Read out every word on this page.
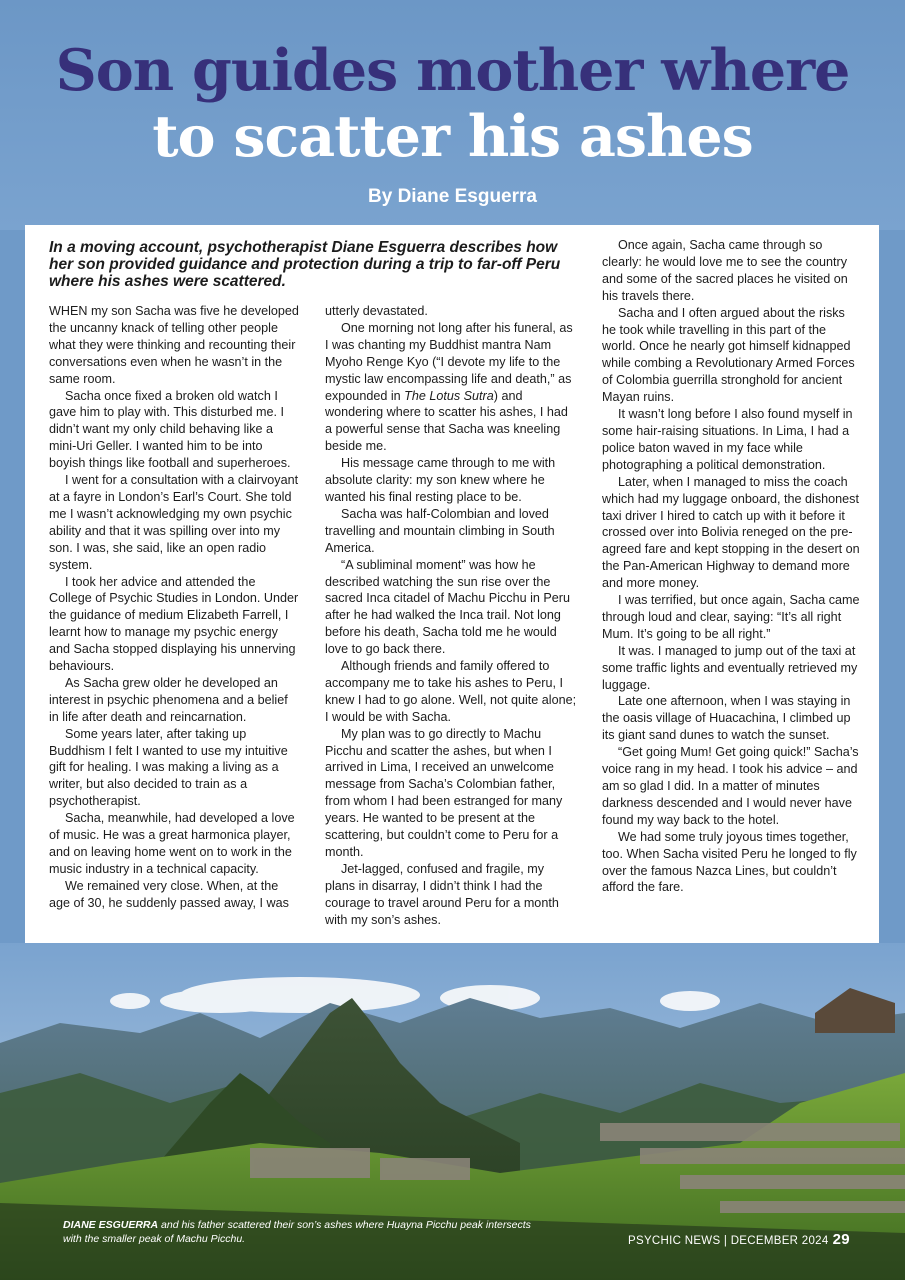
Son guides mother where
to scatter his ashes
By Diane Esguerra
In a moving account, psychotherapist Diane Esguerra describes how her son provided guidance and protection during a trip to far-off Peru where his ashes were scattered.

WHEN my son Sacha was five he developed the uncanny knack of telling other people what they were thinking and recounting their conversations even when he wasn’t in the same room.

Sacha once fixed a broken old watch I gave him to play with. This disturbed me. I didn’t want my only child behaving like a mini-Uri Geller. I wanted him to be into boyish things like football and superheroes.

I went for a consultation with a clairvoyant at a fayre in London’s Earl’s Court. She told me I wasn’t acknowledging my own psychic ability and that it was spilling over into my son. I was, she said, like an open radio system.

I took her advice and attended the College of Psychic Studies in London. Under the guidance of medium Elizabeth Farrell, I learnt how to manage my psychic energy and Sacha stopped displaying his unnerving behaviours.

As Sacha grew older he developed an interest in psychic phenomena and a belief in life after death and reincarnation.

Some years later, after taking up Buddhism I felt I wanted to use my intuitive gift for healing. I was making a living as a writer, but also decided to train as a psychotherapist.

Sacha, meanwhile, had developed a love of music. He was a great harmonica player, and on leaving home went on to work in the music industry in a technical capacity.

We remained very close. When, at the age of 30, he suddenly passed away, I was

utterly devastated.

One morning not long after his funeral, as I was chanting my Buddhist mantra Nam Myoho Renge Kyo (“I devote my life to the mystic law encompassing life and death,” as expounded in The Lotus Sutra) and wondering where to scatter his ashes, I had a powerful sense that Sacha was kneeling beside me.

His message came through to me with absolute clarity: my son knew where he wanted his final resting place to be.

Sacha was half-Colombian and loved travelling and mountain climbing in South America.

“A subliminal moment” was how he described watching the sun rise over the sacred Inca citadel of Machu Picchu in Peru after he had walked the Inca trail. Not long before his death, Sacha told me he would love to go back there.

Although friends and family offered to accompany me to take his ashes to Peru, I knew I had to go alone. Well, not quite alone; I would be with Sacha.

My plan was to go directly to Machu Picchu and scatter the ashes, but when I arrived in Lima, I received an unwelcome message from Sacha’s Colombian father, from whom I had been estranged for many years. He wanted to be present at the scattering, but couldn’t come to Peru for a month.

Jet-lagged, confused and fragile, my plans in disarray, I didn’t think I had the courage to travel around Peru for a month with my son’s ashes.

Once again, Sacha came through so clearly: he would love me to see the country and some of the sacred places he visited on his travels there.

Sacha and I often argued about the risks he took while travelling in this part of the world. Once he nearly got himself kidnapped while combing a Revolutionary Armed Forces of Colombia guerrilla stronghold for ancient Mayan ruins.

It wasn’t long before I also found myself in some hair-raising situations. In Lima, I had a police baton waved in my face while photographing a political demonstration.

Later, when I managed to miss the coach which had my luggage onboard, the dishonest taxi driver I hired to catch up with it before it crossed over into Bolivia reneged on the pre-agreed fare and kept stopping in the desert on the Pan-American Highway to demand more and more money.

I was terrified, but once again, Sacha came through loud and clear, saying: “It’s all right Mum. It’s going to be all right.”

It was. I managed to jump out of the taxi at some traffic lights and eventually retrieved my luggage.

Late one afternoon, when I was staying in the oasis village of Huacachina, I climbed up its giant sand dunes to watch the sunset.

“Get going Mum! Get going quick!” Sacha’s voice rang in my head. I took his advice – and am so glad I did. In a matter of minutes darkness descended and I would never have found my way back to the hotel.

We had some truly joyous times together, too. When Sacha visited Peru he longed to fly over the famous Nazca Lines, but couldn’t afford the fare.

DIANE ESGUERRA and his father scattered their son’s ashes where Huayna Picchu peak intersects with the smaller peak of Machu Picchu.	PSYCHIC NEWS | DECEMBER 2024 29
